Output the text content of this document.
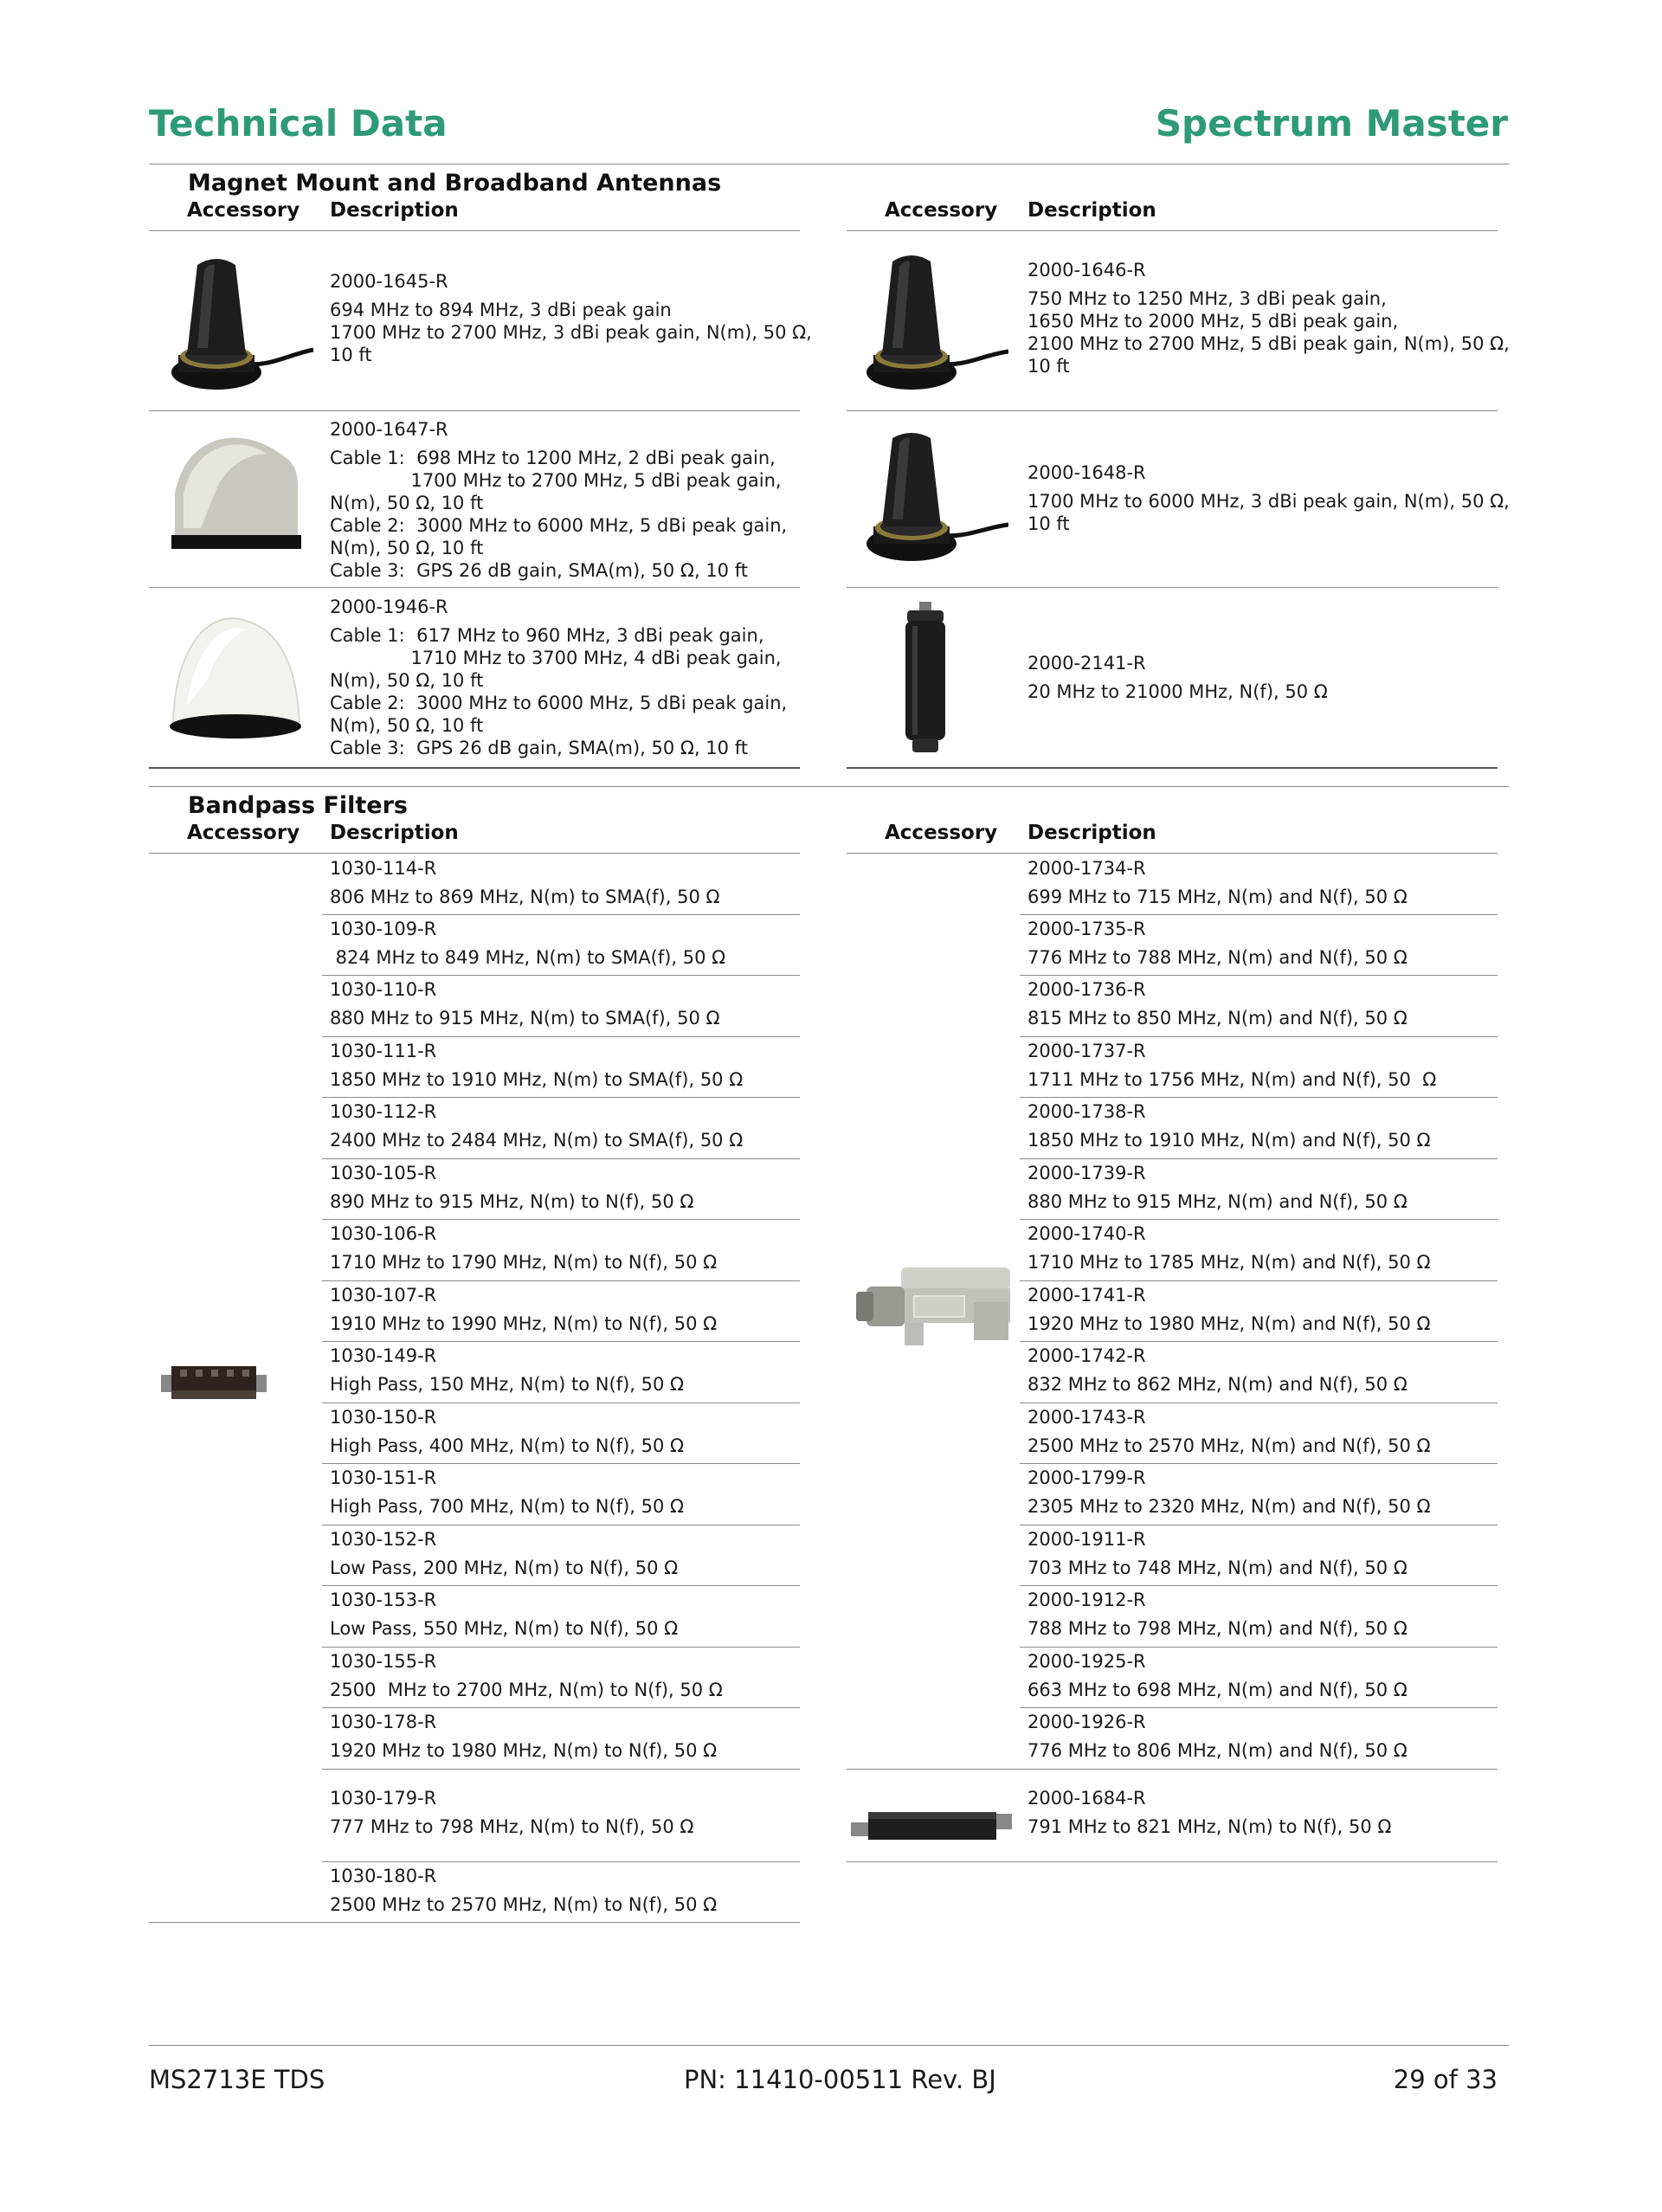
Technical Data	Spectrum Master
Magnet Mount and Broadband Antennas
Accessory Description	Accessory Description
2000-1645-R
694 MHz to 894 MHz, 3 dBi peak gain
1700 MHz to 2700 MHz, 3 dBi peak gain, N(m), 50 Ω,
10 ft
2000-1646-R
750 MHz to 1250 MHz, 3 dBi peak gain,
1650 MHz to 2000 MHz, 5 dBi peak gain,
2100 MHz to 2700 MHz, 5 dBi peak gain, N(m), 50 Ω,
10 ft
2000-1647-R
Cable 1:  698 MHz to 1200 MHz, 2 dBi peak gain,
1700 MHz to 2700 MHz, 5 dBi peak gain,
N(m), 50 Ω, 10 ft
Cable 2:  3000 MHz to 6000 MHz, 5 dBi peak gain,
N(m), 50 Ω, 10 ft
Cable 3:  GPS 26 dB gain, SMA(m), 50 Ω, 10 ft
2000-1648-R
1700 MHz to 6000 MHz, 3 dBi peak gain, N(m), 50 Ω,
10 ft
2000-1946-R
Cable 1:  617 MHz to 960 MHz, 3 dBi peak gain,
1710 MHz to 3700 MHz, 4 dBi peak gain,
N(m), 50 Ω, 10 ft
Cable 2:  3000 MHz to 6000 MHz, 5 dBi peak gain,
N(m), 50 Ω, 10 ft
Cable 3:  GPS 26 dB gain, SMA(m), 50 Ω, 10 ft
2000-2141-R
20 MHz to 21000 MHz, N(f), 50 Ω
Bandpass Filters
Accessory Description	Accessory Description
1030-114-R
806 MHz to 869 MHz, N(m) to SMA(f), 50 Ω
1030-109-R
824 MHz to 849 MHz, N(m) to SMA(f), 50 Ω
1030-110-R
880 MHz to 915 MHz, N(m) to SMA(f), 50 Ω
1030-111-R
1850 MHz to 1910 MHz, N(m) to SMA(f), 50 Ω
1030-112-R
2400 MHz to 2484 MHz, N(m) to SMA(f), 50 Ω
1030-105-R
890 MHz to 915 MHz, N(m) to N(f), 50 Ω
1030-106-R
1710 MHz to 1790 MHz, N(m) to N(f), 50 Ω
1030-107-R
1910 MHz to 1990 MHz, N(m) to N(f), 50 Ω
1030-149-R
High Pass, 150 MHz, N(m) to N(f), 50 Ω
1030-150-R
High Pass, 400 MHz, N(m) to N(f), 50 Ω
1030-151-R
High Pass, 700 MHz, N(m) to N(f), 50 Ω
1030-152-R
Low Pass, 200 MHz, N(m) to N(f), 50 Ω
1030-153-R
Low Pass, 550 MHz, N(m) to N(f), 50 Ω
1030-155-R
2500  MHz to 2700 MHz, N(m) to N(f), 50 Ω
1030-178-R
1920 MHz to 1980 MHz, N(m) to N(f), 50 Ω
1030-179-R
777 MHz to 798 MHz, N(m) to N(f), 50 Ω
1030-180-R
2500 MHz to 2570 MHz, N(m) to N(f), 50 Ω
2000-1734-R
699 MHz to 715 MHz, N(m) and N(f), 50 Ω
2000-1735-R
776 MHz to 788 MHz, N(m) and N(f), 50 Ω
2000-1736-R
815 MHz to 850 MHz, N(m) and N(f), 50 Ω
2000-1737-R
1711 MHz to 1756 MHz, N(m) and N(f), 50  Ω
2000-1738-R
1850 MHz to 1910 MHz, N(m) and N(f), 50 Ω
2000-1739-R
880 MHz to 915 MHz, N(m) and N(f), 50 Ω
2000-1740-R
1710 MHz to 1785 MHz, N(m) and N(f), 50 Ω
2000-1741-R
1920 MHz to 1980 MHz, N(m) and N(f), 50 Ω
2000-1742-R
832 MHz to 862 MHz, N(m) and N(f), 50 Ω
2000-1743-R
2500 MHz to 2570 MHz, N(m) and N(f), 50 Ω
2000-1799-R
2305 MHz to 2320 MHz, N(m) and N(f), 50 Ω
2000-1911-R
703 MHz to 748 MHz, N(m) and N(f), 50 Ω
2000-1912-R
788 MHz to 798 MHz, N(m) and N(f), 50 Ω
2000-1925-R
663 MHz to 698 MHz, N(m) and N(f), 50 Ω
2000-1926-R
776 MHz to 806 MHz, N(m) and N(f), 50 Ω
2000-1684-R
791 MHz to 821 MHz, N(m) to N(f), 50 Ω
MS2713E TDS	PN: 11410-00511 Rev. BJ	29 of 33
